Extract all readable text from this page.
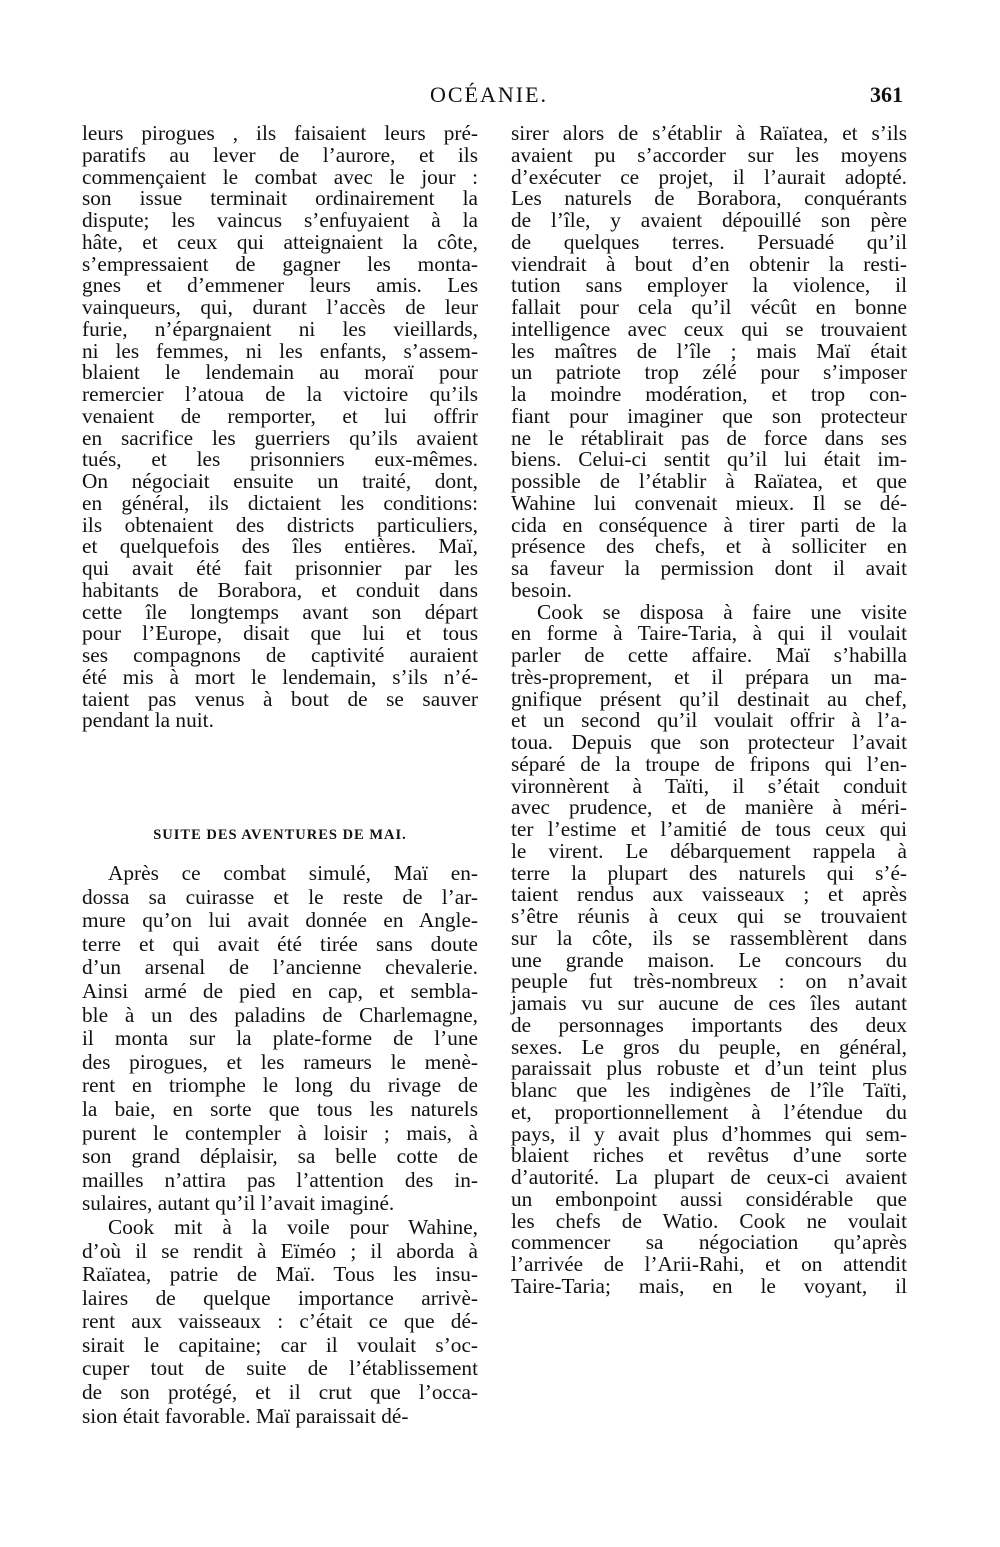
OCÉANIE.	361
leurs pirogues , ils faisaient leurs pré-
paratifs au lever de l’aurore, et ils
commençaient le combat avec le jour :
son issue terminait ordinairement la
dispute; les vaincus s’enfuyaient à la
hâte, et ceux qui atteignaient la côte,
s’empressaient de gagner les monta-
gnes et d’emmener leurs amis. Les
vainqueurs, qui, durant l’accès de leur
furie, n’épargnaient ni les vieillards,
ni les femmes, ni les enfants, s’assem-
blaient le lendemain au moraï pour
remercier l’atoua de la victoire qu’ils
venaient de remporter, et lui offrir
en sacrifice les guerriers qu’ils avaient
tués, et les prisonniers eux-mêmes.
On négociait ensuite un traité, dont,
en général, ils dictaient les conditions:
ils obtenaient des districts particuliers,
et quelquefois des îles entières. Maï,
qui avait été fait prisonnier par les
habitants de Borabora, et conduit dans
cette île longtemps avant son départ
pour l’Europe, disait que lui et tous
ses compagnons de captivité auraient
été mis à mort le lendemain, s’ils n’é-
taient pas venus à bout de se sauver
pendant la nuit.
SUITE DES AVENTURES DE MAI.
Après ce combat simulé, Maï en-
dossa sa cuirasse et le reste de l’ar-
mure qu’on lui avait donnée en Angle-
terre et qui avait été tirée sans doute
d’un arsenal de l’ancienne chevalerie.
Ainsi armé de pied en cap, et sembla-
ble à un des paladins de Charlemagne,
il monta sur la plate-forme de l’une
des pirogues, et les rameurs le menè-
rent en triomphe le long du rivage de
la baie, en sorte que tous les naturels
purent le contempler à loisir ; mais, à
son grand déplaisir, sa belle cotte de
mailles n’attira pas l’attention des in-
sulaires, autant qu’il l’avait imaginé.
Cook mit à la voile pour Wahine,
d’où il se rendit à Eïméo ; il aborda à
Raïatea, patrie de Maï. Tous les insu-
laires de quelque importance arrivè-
rent aux vaisseaux : c’était ce que dé-
sirait le capitaine; car il voulait s’oc-
cuper tout de suite de l’établissement
de son protégé, et il crut que l’occa-
sion était favorable. Maï paraissait dé-
sirer alors de s’établir à Raïatea, et s’ils
avaient pu s’accorder sur les moyens
d’exécuter ce projet, il l’aurait adopté.
Les naturels de Borabora, conquérants
de l’île, y avaient dépouillé son père
de quelques terres. Persuadé qu’il
viendrait à bout d’en obtenir la resti-
tution sans employer la violence, il
fallait pour cela qu’il vécût en bonne
intelligence avec ceux qui se trouvaient
les maîtres de l’île ; mais Maï était
un patriote trop zélé pour s’imposer
la moindre modération, et trop con-
fiant pour imaginer que son protecteur
ne le rétablirait pas de force dans ses
biens. Celui-ci sentit qu’il lui était im-
possible de l’établir à Raïatea, et que
Wahine lui convenait mieux. Il se dé-
cida en conséquence à tirer parti de la
présence des chefs, et à solliciter en
sa faveur la permission dont il avait
besoin.
Cook se disposa à faire une visite
en forme à Taire-Taria, à qui il voulait
parler de cette affaire. Maï s’habilla
très-proprement, et il prépara un ma-
gnifique présent qu’il destinait au chef,
et un second qu’il voulait offrir à l’a-
toua. Depuis que son protecteur l’avait
séparé de la troupe de fripons qui l’en-
vironnèrent à Taïti, il s’était conduit
avec prudence, et de manière à méri-
ter l’estime et l’amitié de tous ceux qui
le virent. Le débarquement rappela à
terre la plupart des naturels qui s’é-
taient rendus aux vaisseaux ; et après
s’être réunis à ceux qui se trouvaient
sur la côte, ils se rassemblèrent dans
une grande maison. Le concours du
peuple fut très-nombreux : on n’avait
jamais vu sur aucune de ces îles autant
de personnages importants des deux
sexes. Le gros du peuple, en général,
paraissait plus robuste et d’un teint plus
blanc que les indigènes de l’île Taïti,
et, proportionnellement à l’étendue du
pays, il y avait plus d’hommes qui sem-
blaient riches et revêtus d’une sorte
d’autorité. La plupart de ceux-ci avaient
un embonpoint aussi considérable que
les chefs de Watio. Cook ne voulait
commencer sa négociation qu’après
l’arrivée de l’Arii-Rahi, et on attendit
Taire-Taria; mais, en le voyant, il
